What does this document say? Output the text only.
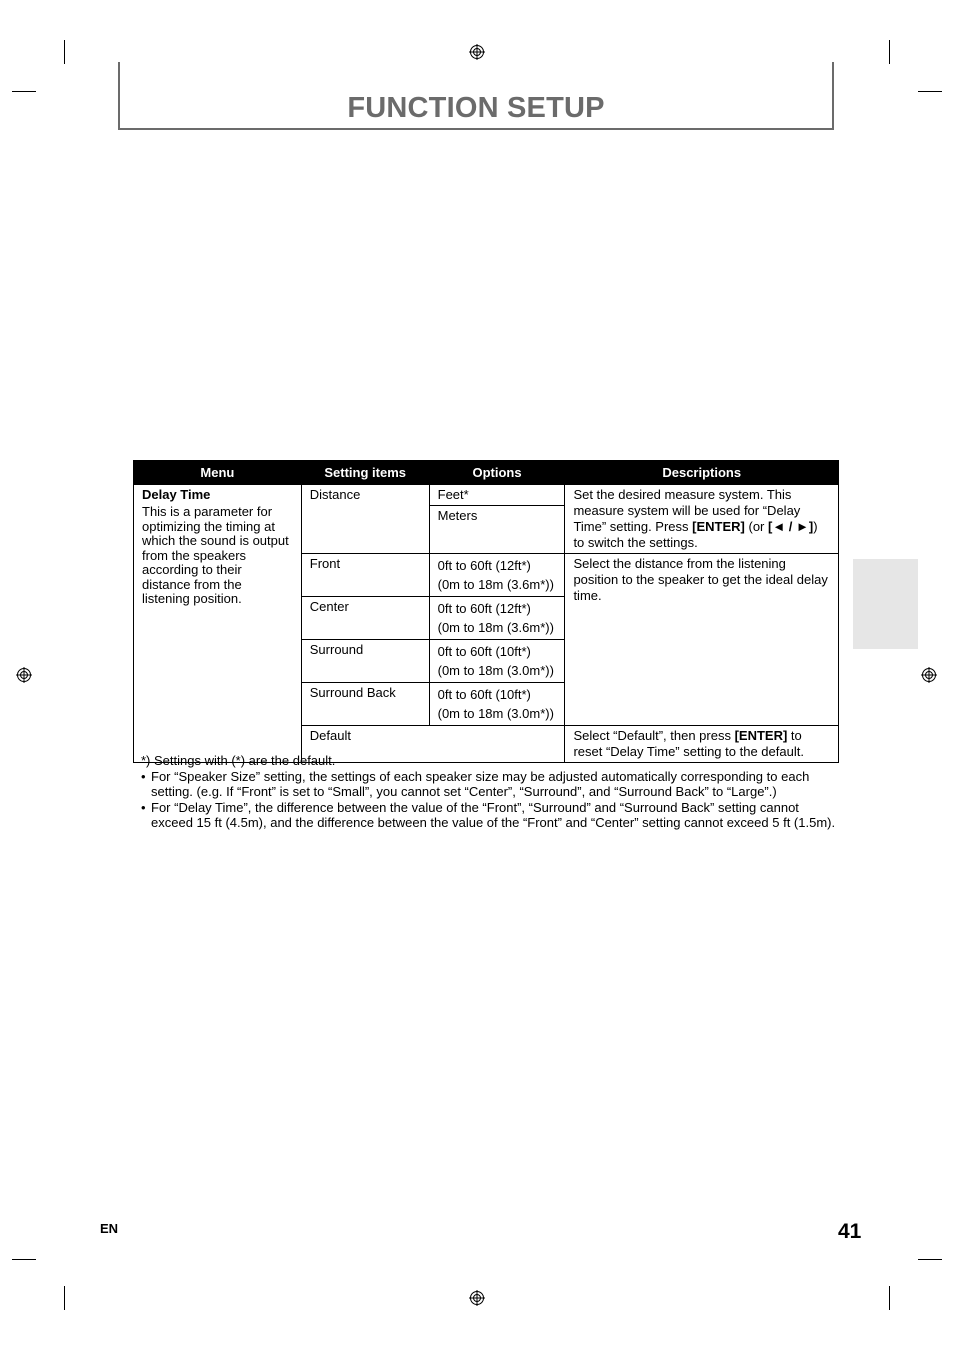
FUNCTION SETUP
Menu	Setting items	Options	Descriptions

Delay Time
This is a parameter for optimizing the timing at which the sound is output from the speakers according to their distance from the listening position.	Distance	Feet*	Set the desired measure system. This measure system will be used for “Delay Time” setting. Press [ENTER] (or [◄ / ►]) to switch the settings.
		Meters	
	Front	0ft to 60ft (12ft*)
(0m to 18m (3.6m*))	Select the distance from the listening position to the speaker to get the ideal delay time.
	Center	0ft to 60ft (12ft*)
(0m to 18m (3.6m*))	

	Surround	0ft to 60ft (10ft*)
(0m to 18m (3.0m*))	

	Surround Back	0ft to 60ft (10ft*)
(0m to 18m (3.0m*))	

	Default		Select “Default”, then press [ENTER] to reset “Delay Time” setting to the default.
*) Settings with (*) are the default.
• For “Speaker Size” setting, the settings of each speaker size may be adjusted automatically corresponding to each setting. (e.g. If “Front” is set to “Small”, you cannot set “Center”, “Surround”, and “Surround Back” to “Large”.)
• For “Delay Time”, the difference between the value of the “Front”, “Surround” and “Surround Back” setting cannot exceed 15 ft (4.5m), and the difference between the value of the “Front” and “Center” setting cannot exceed 5 ft (1.5m).
EN	41
